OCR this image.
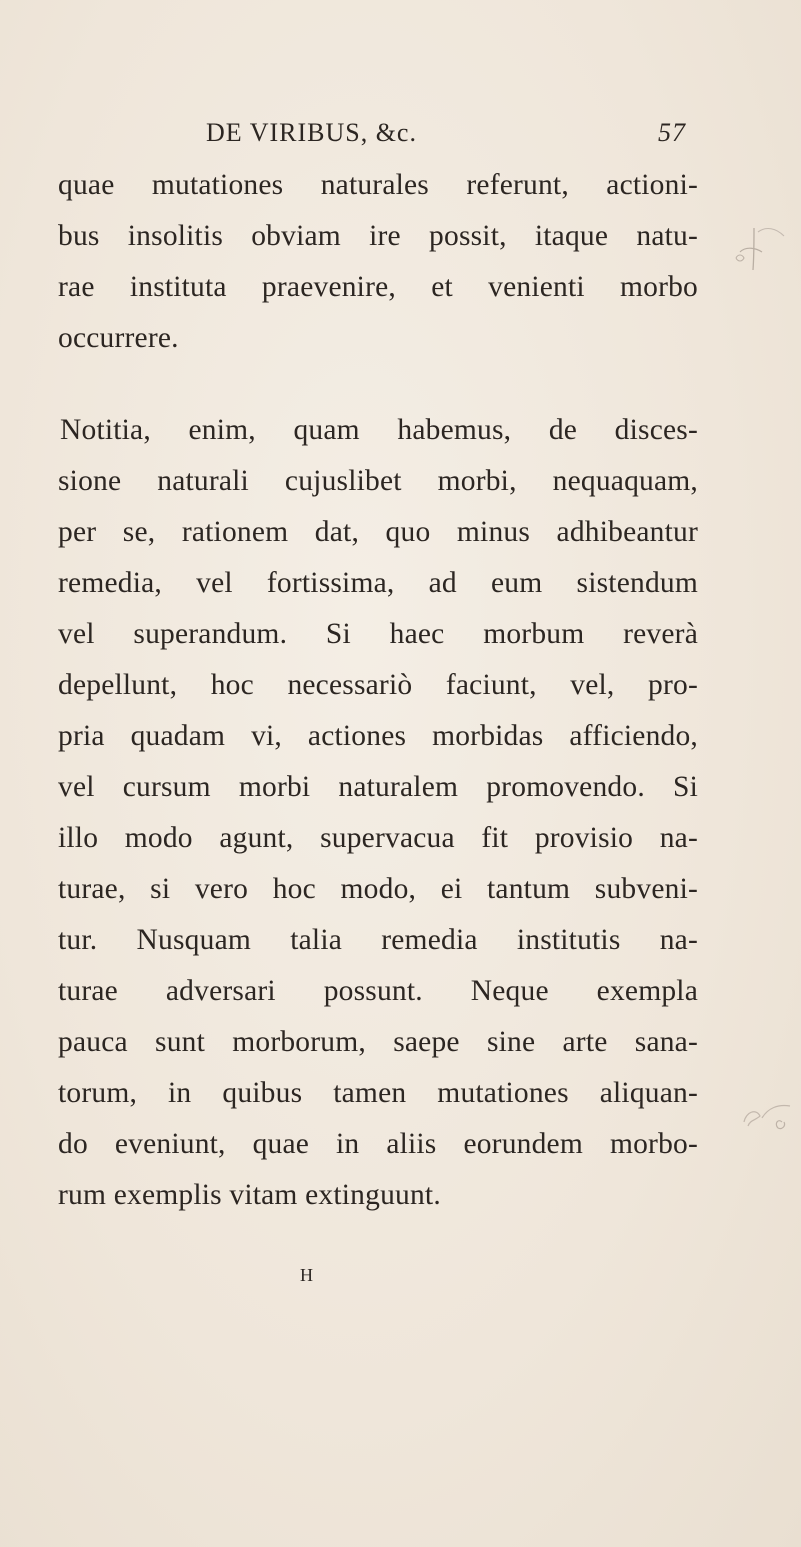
DE VIRIBUS, &c.	57
quae mutationes naturales referunt, actioni-
bus insolitis obviam ire possit, itaque natu-
rae instituta praevenire, et venienti morbo
occurrere.
Notitia, enim, quam habemus, de disces-
sione naturali cujuslibet morbi, nequaquam,
per se, rationem dat, quo minus adhibeantur
remedia, vel fortissima, ad eum sistendum
vel superandum. Si haec morbum reverà
depellunt, hoc necessariò faciunt, vel, pro-
pria quadam vi, actiones morbidas afficiendo,
vel cursum morbi naturalem promovendo. Si
illo modo agunt, supervacua fit provisio na-
turae, si vero hoc modo, ei tantum subveni-
tur. Nusquam talia remedia institutis na-
turae adversari possunt. Neque exempla
pauca sunt morborum, saepe sine arte sana-
torum, in quibus tamen mutationes aliquan-
do eveniunt, quae in aliis eorundem morbo-
rum exemplis vitam extinguunt.
H
